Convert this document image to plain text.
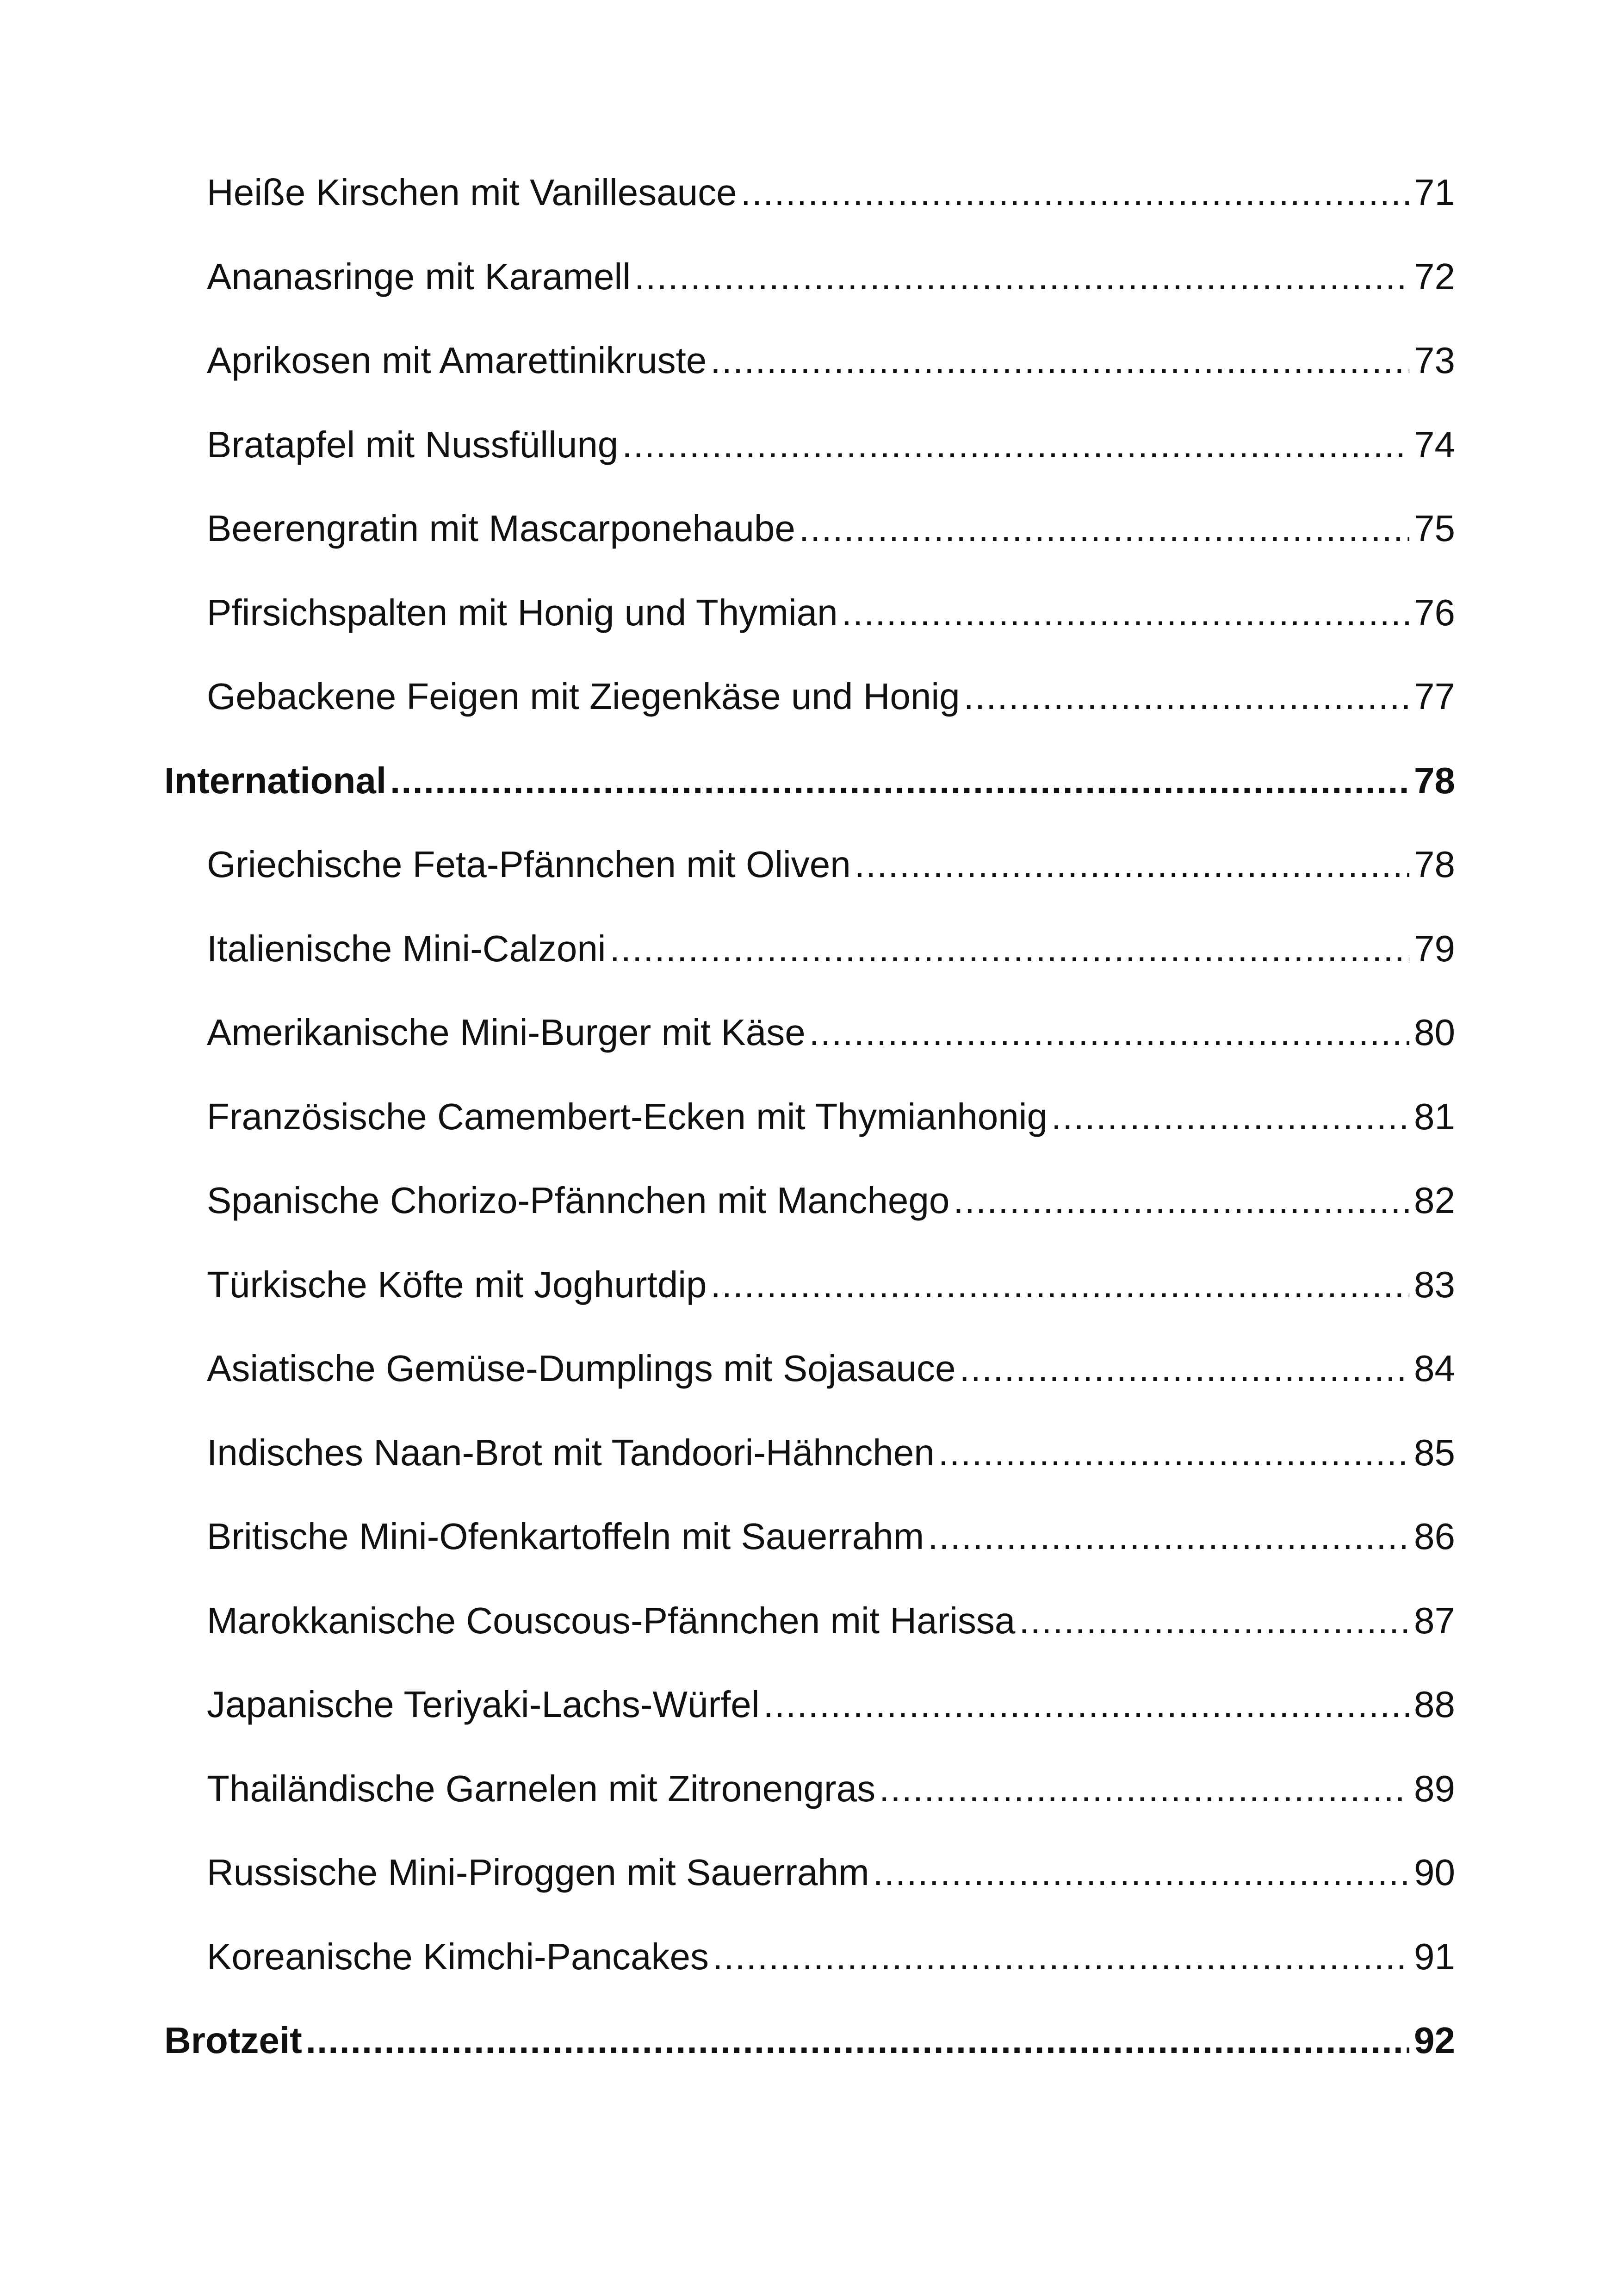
Heiße Kirschen mit Vanillesauce .....	71
Ananasringe mit Karamell .....	72
Aprikosen mit Amarettinikruste .....	73
Bratapfel mit Nussfüllung .....	74
Beerengratin mit Mascarponehaube .....	75
Pfirsichspalten mit Honig und Thymian .....	76
Gebackene Feigen mit Ziegenkäse und Honig .....	77
International .....	78
Griechische Feta-Pfännchen mit Oliven .....	78
Italienische Mini-Calzoni .....	79
Amerikanische Mini-Burger mit Käse .....	80
Französische Camembert-Ecken mit Thymianhonig .....	81
Spanische Chorizo-Pfännchen mit Manchego .....	82
Türkische Köfte mit Joghurtdip .....	83
Asiatische Gemüse-Dumplings mit Sojasauce .....	84
Indisches Naan-Brot mit Tandoori-Hähnchen .....	85
Britische Mini-Ofenkartoffeln mit Sauerrahm .....	86
Marokkanische Couscous-Pfännchen mit Harissa .....	87
Japanische Teriyaki-Lachs-Würfel .....	88
Thailändische Garnelen mit Zitronengras .....	89
Russische Mini-Piroggen mit Sauerrahm .....	90
Koreanische Kimchi-Pancakes .....	91
Brotzeit .....	92
